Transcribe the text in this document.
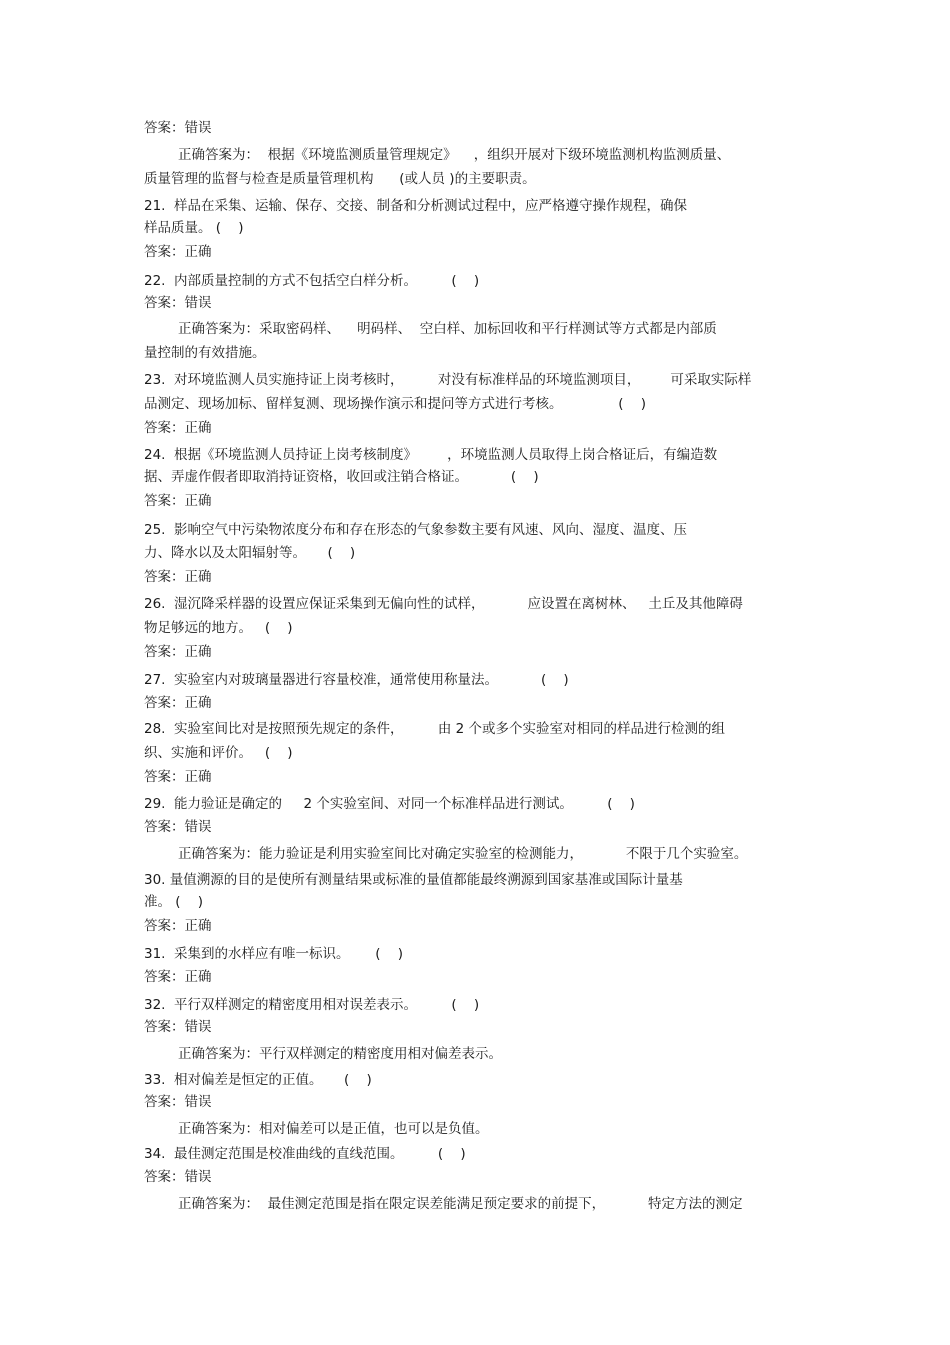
答案：错误

正确答案为：  根据《环境监测质量管理规定》    ，组织开展对下级环境监测机构监测质量、

质量管理的监督与检查是质量管理机构      (或人员 )的主要职责。

21.  样品在采集、运输、保存、交接、制备和分析测试过程中，应严格遵守操作规程，确保

样品质量。 (    )

答案：正确

22.  内部质量控制的方式不包括空白样分析。        (    )

答案：错误

正确答案为：采取密码样、    明码样、  空白样、加标回收和平行样测试等方式都是内部质

量控制的有效措施。

23.  对环境监测人员实施持证上岗考核时，        对没有标准样品的环境监测项目，       可采取实际样

品测定、现场加标、留样复测、现场操作演示和提问等方式进行考核。             (    )

答案：正确

24.  根据《环境监测人员持证上岗考核制度》       ，环境监测人员取得上岗合格证后，有编造数

据、弄虚作假者即取消持证资格，收回或注销合格证。          (    )

答案：正确

25.  影响空气中污染物浓度分布和存在形态的气象参数主要有风速、风向、湿度、温度、压

力、降水以及太阳辐射等。     (    )

答案：正确

26.  湿沉降采样器的设置应保证采集到无偏向性的试样，          应设置在离树林、   土丘及其他障碍

物足够远的地方。   (    )

答案：正确

27.  实验室内对玻璃量器进行容量校准，通常使用称量法。          (    )

答案：正确

28.  实验室间比对是按照预先规定的条件，        由 2 个或多个实验室对相同的样品进行检测的组

织、实施和评价。   (    )

答案：正确

29.  能力验证是确定的     2 个实验室间、对同一个标准样品进行测试。        (    )

答案：错误

正确答案为：能力验证是利用实验室间比对确定实验室的检测能力，          不限于几个实验室。

30. 量值溯源的目的是使所有测量结果或标准的量值都能最终溯源到国家基准或国际计量基

准。 (    )

答案：正确

31.  采集到的水样应有唯一标识。      (    )

答案：正确

32.  平行双样测定的精密度用相对误差表示。        (    )

答案：错误

正确答案为：平行双样测定的精密度用相对偏差表示。

33.  相对偏差是恒定的正值。     (    )

答案：错误

正确答案为：相对偏差可以是正值，也可以是负值。

34.  最佳测定范围是校准曲线的直线范围。        (    )

答案：错误

正确答案为：  最佳测定范围是指在限定误差能满足预定要求的前提下，          特定方法的测定
